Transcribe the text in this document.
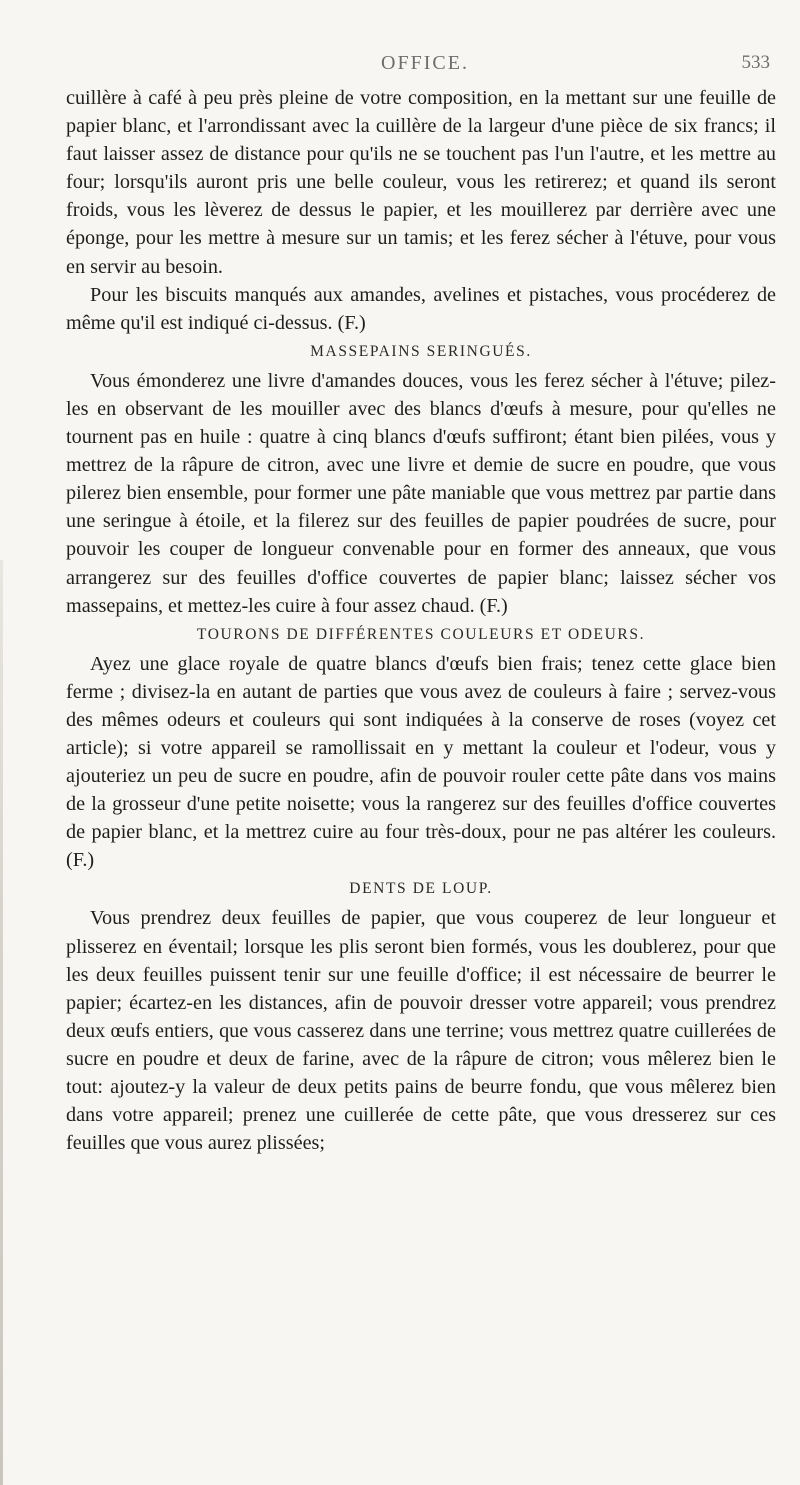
OFFICE.	533

cuillère à café à peu près pleine de votre composition, en la mettant sur une feuille de papier blanc, et l'arrondissant avec la cuillère de la largeur d'une pièce de six francs; il faut laisser assez de distance pour qu'ils ne se touchent pas l'un l'autre, et les mettre au four; lorsqu'ils auront pris une belle couleur, vous les retirerez; et quand ils seront froids, vous les lèverez de dessus le papier, et les mouillerez par derrière avec une éponge, pour les mettre à mesure sur un tamis; et les ferez sécher à l'étuve, pour vous en servir au besoin.

Pour les biscuits manqués aux amandes, avelines et pistaches, vous procéderez de même qu'il est indiqué ci-dessus. (F.)

MASSEPAINS SERINGUÉS.

Vous émonderez une livre d'amandes douces, vous les ferez sécher à l'étuve; pilez-les en observant de les mouiller avec des blancs d'œufs à mesure, pour qu'elles ne tournent pas en huile : quatre à cinq blancs d'œufs suffiront; étant bien pilées, vous y mettrez de la râpure de citron, avec une livre et demie de sucre en poudre, que vous pilerez bien ensemble, pour former une pâte maniable que vous mettrez par partie dans une seringue à étoile, et la filerez sur des feuilles de papier poudrées de sucre, pour pouvoir les couper de longueur convenable pour en former des anneaux, que vous arrangerez sur des feuilles d'office couvertes de papier blanc; laissez sécher vos massepains, et mettez-les cuire à four assez chaud. (F.)

TOURONS DE DIFFÉRENTES COULEURS ET ODEURS.

Ayez une glace royale de quatre blancs d'œufs bien frais; tenez cette glace bien ferme ; divisez-la en autant de parties que vous avez de couleurs à faire ; servez-vous des mêmes odeurs et couleurs qui sont indiquées à la conserve de roses (voyez cet article); si votre appareil se ramollissait en y mettant la couleur et l'odeur, vous y ajouteriez un peu de sucre en poudre, afin de pouvoir rouler cette pâte dans vos mains de la grosseur d'une petite noisette; vous la rangerez sur des feuilles d'office couvertes de papier blanc, et la mettrez cuire au four très-doux, pour ne pas altérer les couleurs. (F.)

DENTS DE LOUP.

Vous prendrez deux feuilles de papier, que vous couperez de leur longueur et plisserez en éventail; lorsque les plis seront bien formés, vous les doublerez, pour que les deux feuilles puissent tenir sur une feuille d'office; il est nécessaire de beurrer le papier; écartez-en les distances, afin de pouvoir dresser votre appareil; vous prendrez deux œufs entiers, que vous casserez dans une terrine; vous mettrez quatre cuillerées de sucre en poudre et deux de farine, avec de la râpure de citron; vous mêlerez bien le tout: ajoutez-y la valeur de deux petits pains de beurre fondu, que vous mêlerez bien dans votre appareil; prenez une cuillerée de cette pâte, que vous dresserez sur ces feuilles que vous aurez plissées;
